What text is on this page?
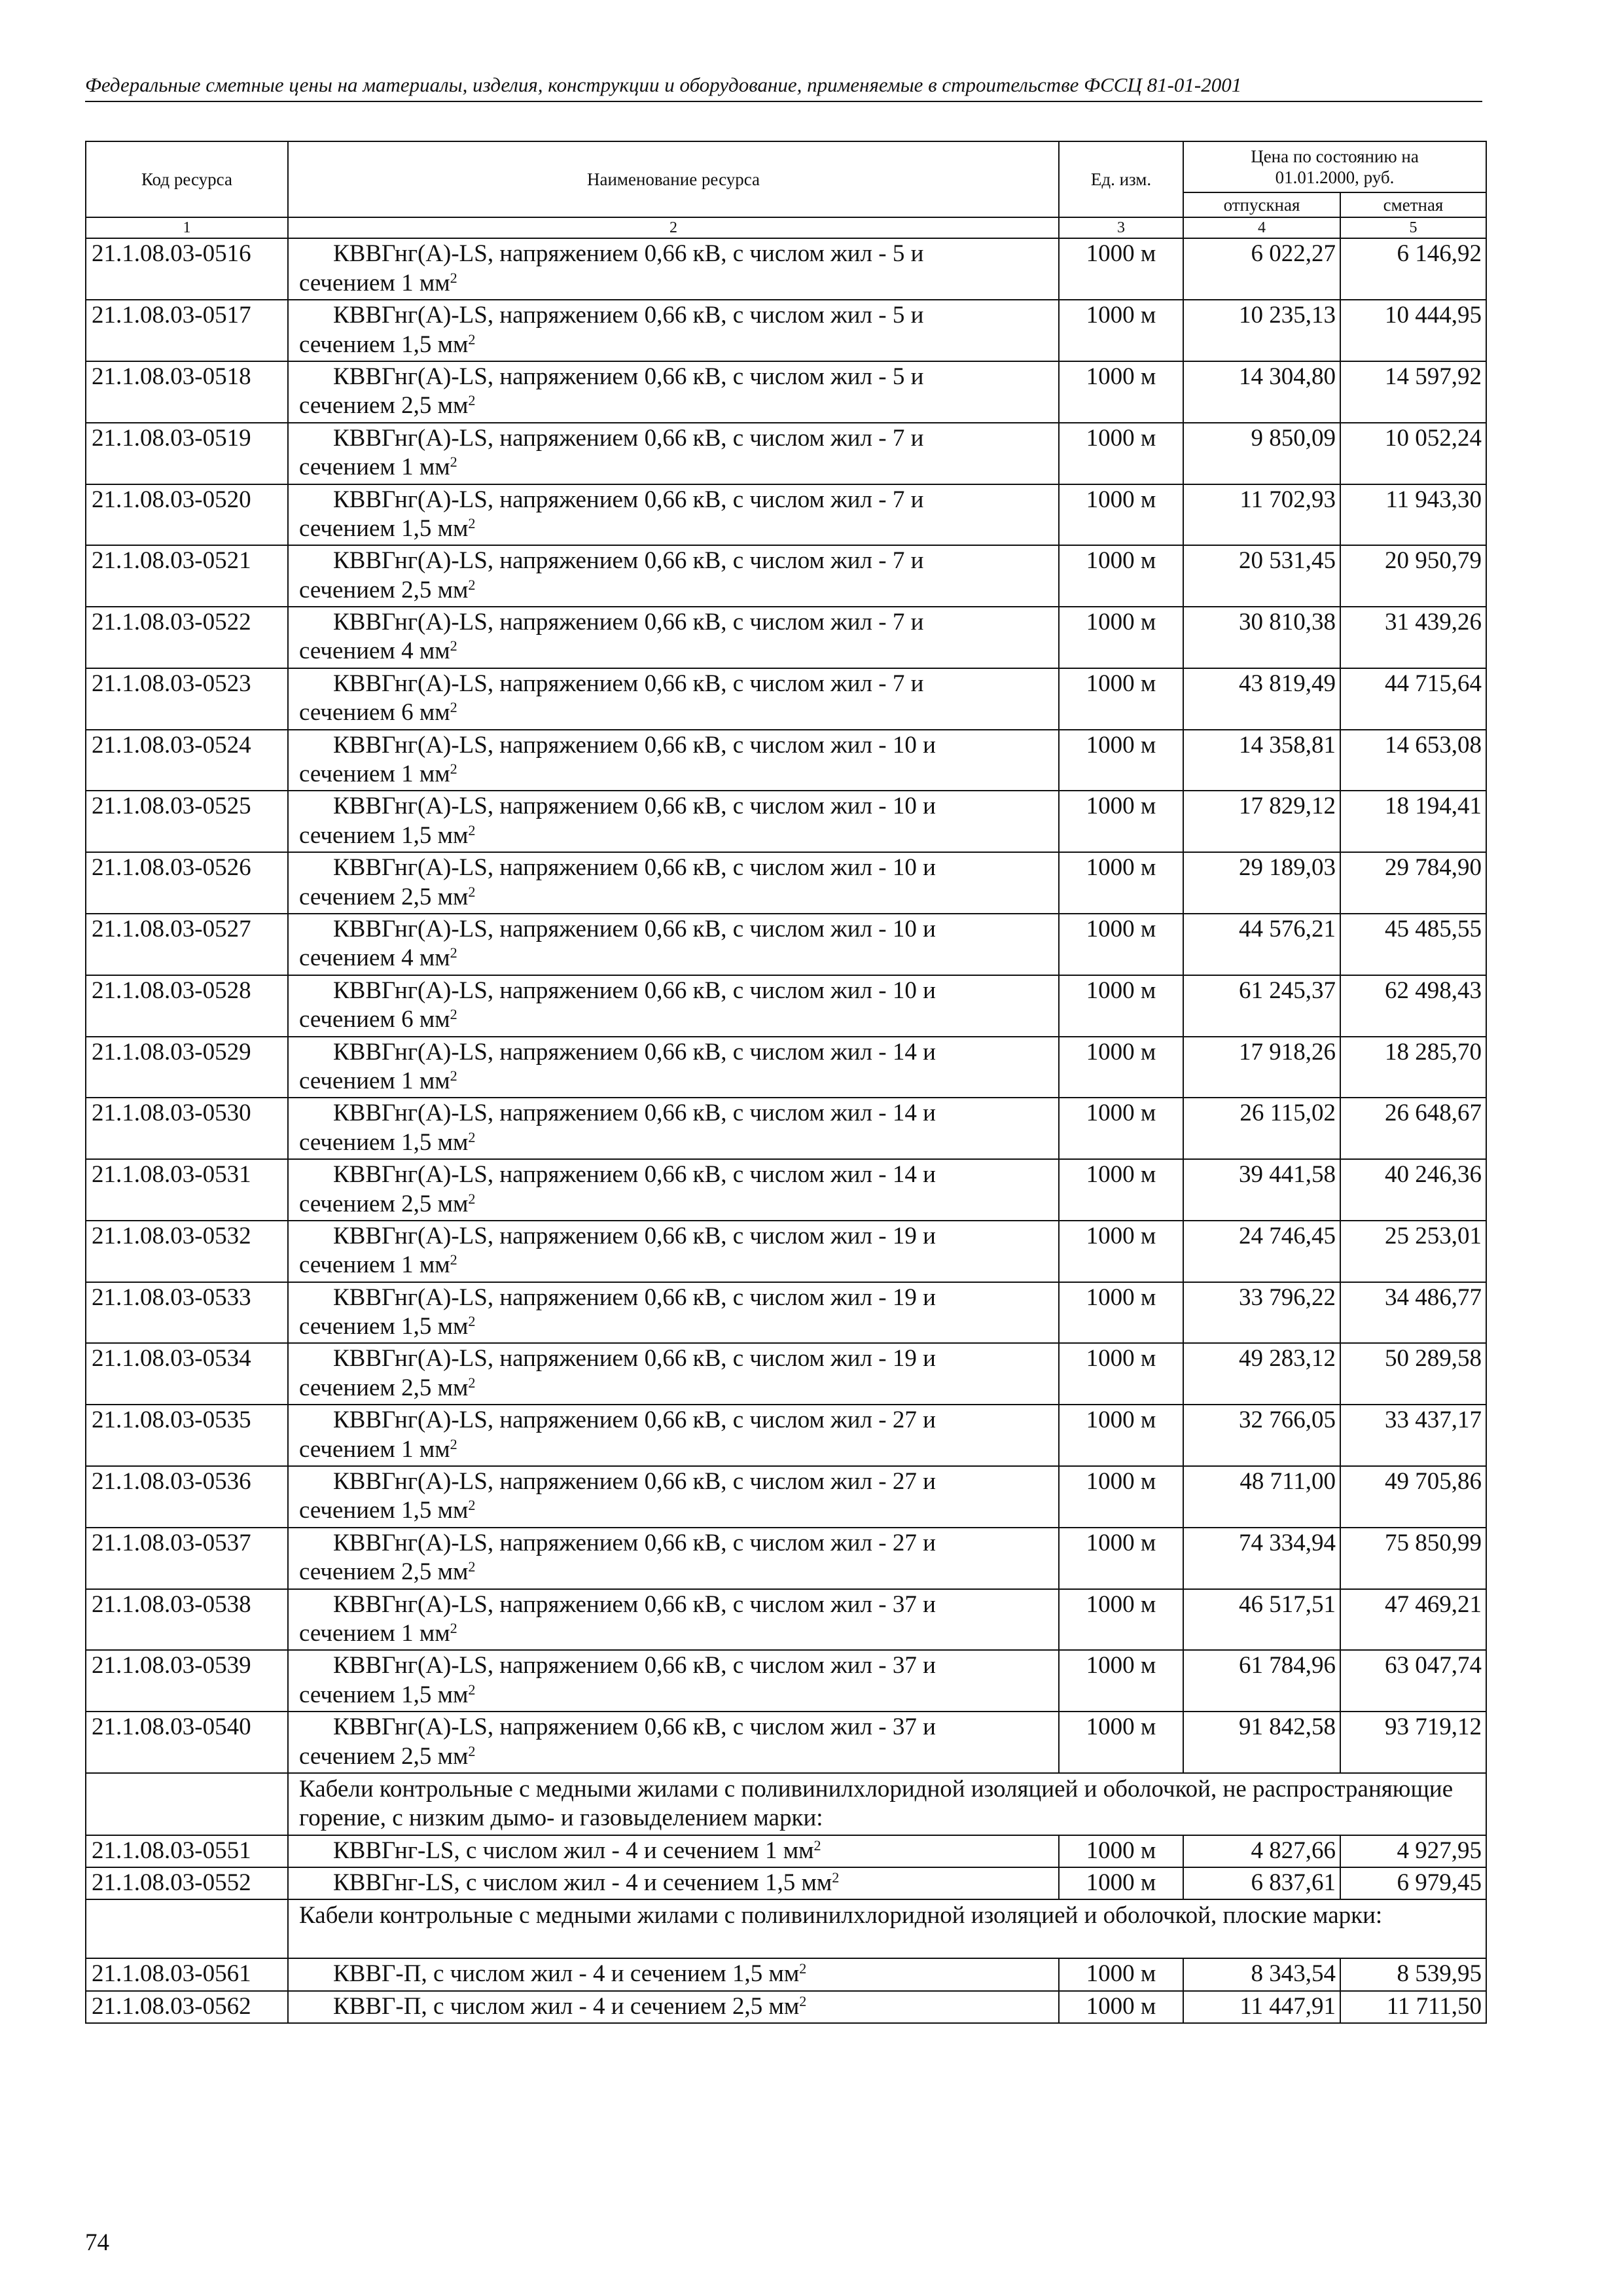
Федеральные сметные цены на материалы, изделия, конструкции и оборудование, применяемые в строительстве ФССЦ 81-01-2001
Код ресурса	Наименование ресурса	Ед. изм.	Цена по состоянию на
01.01.2000, руб.	
			отпускная	сметная
1	2	3	4	5
21.1.08.03-0516	КВВГнг(А)-LS, напряжением 0,66 кВ, с числом жил - 5 и
сечением 1 $мм^2$	1000 м	6 022,27	6 146,92
21.1.08.03-0517	КВВГнг(А)-LS, напряжением 0,66 кВ, с числом жил - 5 и
сечением 1,5 $мм^2$	1000 м	10 235,13	10 444,95
21.1.08.03-0518	КВВГнг(А)-LS, напряжением 0,66 кВ, с числом жил - 5 и
сечением 2,5 $мм^2$	1000 м	14 304,80	14 597,92
21.1.08.03-0519	КВВГнг(А)-LS, напряжением 0,66 кВ, с числом жил - 7 и
сечением 1 $мм^2$	1000 м	9 850,09	10 052,24
21.1.08.03-0520	КВВГнг(А)-LS, напряжением 0,66 кВ, с числом жил - 7 и
сечением 1,5 $мм^2$	1000 м	11 702,93	11 943,30
21.1.08.03-0521	КВВГнг(А)-LS, напряжением 0,66 кВ, с числом жил - 7 и
сечением 2,5 $мм^2$	1000 м	20 531,45	20 950,79
21.1.08.03-0522	КВВГнг(А)-LS, напряжением 0,66 кВ, с числом жил - 7 и
сечением 4 $мм^2$	1000 м	30 810,38	31 439,26
21.1.08.03-0523	КВВГнг(А)-LS, напряжением 0,66 кВ, с числом жил - 7 и
сечением 6 $мм^2$	1000 м	43 819,49	44 715,64
21.1.08.03-0524	КВВГнг(А)-LS, напряжением 0,66 кВ, с числом жил - 10 и
сечением 1 $мм^2$	1000 м	14 358,81	14 653,08
21.1.08.03-0525	КВВГнг(А)-LS, напряжением 0,66 кВ, с числом жил - 10 и
сечением 1,5 $мм^2$	1000 м	17 829,12	18 194,41
21.1.08.03-0526	КВВГнг(А)-LS, напряжением 0,66 кВ, с числом жил - 10 и
сечением 2,5 $мм^2$	1000 м	29 189,03	29 784,90
21.1.08.03-0527	КВВГнг(А)-LS, напряжением 0,66 кВ, с числом жил - 10 и
сечением 4 $мм^2$	1000 м	44 576,21	45 485,55
21.1.08.03-0528	КВВГнг(А)-LS, напряжением 0,66 кВ, с числом жил - 10 и
сечением 6 $мм^2$	1000 м	61 245,37	62 498,43
21.1.08.03-0529	КВВГнг(А)-LS, напряжением 0,66 кВ, с числом жил - 14 и
сечением 1 $мм^2$	1000 м	17 918,26	18 285,70
21.1.08.03-0530	КВВГнг(А)-LS, напряжением 0,66 кВ, с числом жил - 14 и
сечением 1,5 $мм^2$	1000 м	26 115,02	26 648,67
21.1.08.03-0531	КВВГнг(А)-LS, напряжением 0,66 кВ, с числом жил - 14 и
сечением 2,5 $мм^2$	1000 м	39 441,58	40 246,36
21.1.08.03-0532	КВВГнг(А)-LS, напряжением 0,66 кВ, с числом жил - 19 и
сечением 1 $мм^2$	1000 м	24 746,45	25 253,01
21.1.08.03-0533	КВВГнг(А)-LS, напряжением 0,66 кВ, с числом жил - 19 и
сечением 1,5 $мм^2$	1000 м	33 796,22	34 486,77
21.1.08.03-0534	КВВГнг(А)-LS, напряжением 0,66 кВ, с числом жил - 19 и
сечением 2,5 $мм^2$	1000 м	49 283,12	50 289,58
21.1.08.03-0535	КВВГнг(А)-LS, напряжением 0,66 кВ, с числом жил - 27 и
сечением 1 $мм^2$	1000 м	32 766,05	33 437,17
21.1.08.03-0536	КВВГнг(А)-LS, напряжением 0,66 кВ, с числом жил - 27 и
сечением 1,5 $мм^2$	1000 м	48 711,00	49 705,86
21.1.08.03-0537	КВВГнг(А)-LS, напряжением 0,66 кВ, с числом жил - 27 и
сечением 2,5 $мм^2$	1000 м	74 334,94	75 850,99
21.1.08.03-0538	КВВГнг(А)-LS, напряжением 0,66 кВ, с числом жил - 37 и
сечением 1 $мм^2$	1000 м	46 517,51	47 469,21
21.1.08.03-0539	КВВГнг(А)-LS, напряжением 0,66 кВ, с числом жил - 37 и
сечением 1,5 $мм^2$	1000 м	61 784,96	63 047,74
21.1.08.03-0540	КВВГнг(А)-LS, напряжением 0,66 кВ, с числом жил - 37 и
сечением 2,5 $мм^2$	1000 м	91 842,58	93 719,12
	Кабели контрольные с медными жилами с поливинилхлоридной изоляцией и оболочкой, не распространяющие горение, с низким дымо- и газовыделением марки:			
21.1.08.03-0551	КВВГнг-LS, с числом жил - 4 и сечением 1 $мм^2$	1000 м	4 827,66	4 927,95
21.1.08.03-0552	КВВГнг-LS, с числом жил - 4 и сечением 1,5 $мм^2$	1000 м	6 837,61	6 979,45
	Кабели контрольные с медными жилами с поливинилхлоридной изоляцией и оболочкой, плоские марки:			
21.1.08.03-0561	КВВГ-П, с числом жил - 4 и сечением 1,5 $мм^2$	1000 м	8 343,54	8 539,95
21.1.08.03-0562	КВВГ-П, с числом жил - 4 и сечением 2,5 $мм^2$	1000 м	11 447,91	11 711,50
74
